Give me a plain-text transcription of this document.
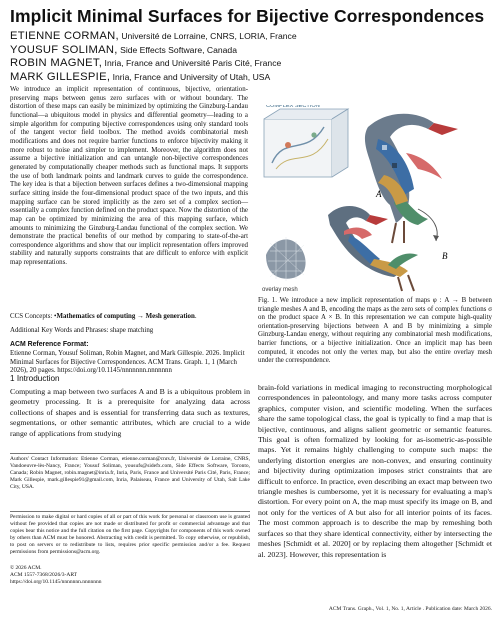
Implicit Minimal Surfaces for Bijective Correspondences
ETIENNE CORMAN, Université de Lorraine, CNRS, LORIA, France
YOUSUF SOLIMAN, Side Effects Software, Canada
ROBIN MAGNET, Inria, France and Université Paris Cité, France
MARK GILLESPIE, Inria, France and University of Utah, USA
We introduce an implicit representation of continuous, bijective, orientation-preserving maps between genus zero surfaces with or without boundary. The distortion of these maps can easily be minimized by optimizing the Ginzburg-Landau functional—a ubiquitous model in physics and differential geometry—leading to a simple algorithm for computing bijective correspondences using only standard tools of the tangent vector field toolbox. The method avoids combinatorial mesh modifications and does not require barrier functions to enforce bijectivity making it more robust to noise and simpler to implement. Moreover, the algorithm does not assume a bijective initialization and can untangle non-bijective correspondences generated by computationally cheaper methods such as functional maps. It supports the use of both landmark points and landmark curves to guide the correspondence. The key idea is that a bijection between surfaces defines a two-dimensional mapping surface sitting inside the four-dimensional product space of the two inputs, and this mapping surface can be stored implicitly as the zero set of a complex section—essentially a complex function defined on the product space. Now the distortion of the map can be optimized by minimizing the area of this mapping surface, which amounts to minimizing the Ginzburg-Landau functional of the complex section. We demonstrate the practical benefits of our method by comparing to state-of-the-art correspondence algorithms and show that our implicit representation offers improved stability and naturally supports constraints that are difficult to enforce with explicit map representations.
CCS Concepts: •Mathematics of computing → Mesh generation.
Additional Key Words and Phrases: shape matching
ACM Reference Format:
Etienne Corman, Yousuf Soliman, Robin Magnet, and Mark Gillespie. 2026. Implicit Minimal Surfaces for Bijective Correspondences. ACM Trans. Graph. 1, 1 (March 2026), 20 pages. https://doi.org/10.1145/nnnnnnn.nnnnnnn
1 Introduction
Computing a map between two surfaces A and B is a ubiquitous problem in geometry processing. It is a prerequisite for analyzing data across collections of shapes and is essential for transferring data such as textures, segmentations, or other semantic attributes, which are crucial to a wide range of applications from studying
Authors' Contact Information: Etienne Corman, etienne.corman@cnrs.fr, Université de Lorraine, CNRS, Vandoeuvre-lès-Nancy, France; Yousuf Soliman, yousufs@sidefx.com, Side Effects Software, Toronto, Canada; Robin Magnet, robin.magnet@inria.fr, Inria, Paris, France and Université Paris Cité, Paris, France; Mark Gillespie, mark.gillespie91@gmail.com, Inria, Palaiseau, France and University of Utah, Salt Lake City, USA.
Permission to make digital or hard copies of all or part of this work for personal or classroom use is granted without fee provided that copies are not made or distributed for profit or commercial advantage and that copies bear this notice and the full citation on the first page. Copyrights for components of this work owned by others than ACM must be honored. Abstracting with credit is permitted. To copy otherwise, or republish, to post on servers or to redistribute to lists, requires prior specific permission and/or a fee. Request permissions from permissions@acm.org.
© 2026 ACM.
ACM 1557-7368/2026/3-ART
https://doi.org/10.1145/nnnnnnn.nnnnnnn
COMPLEX SECTION
A
B
overlay mesh
Fig. 1. We introduce a new implicit representation of maps φ : A → B between triangle meshes A and B, encoding the maps as the zero sets of complex functions σ on the product space A × B. In this representation we can compute high-quality orientation-preserving bijections between A and B by minimizing a simple Ginzburg-Landau energy, without requiring any combinatorial mesh modifications, barrier functions, or a bijective initialization. Once an implicit map has been computed, it encodes not only the vertex map, but also the entire overlay mesh under the correspondence.
brain-fold variations in medical imaging to reconstructing morphological correspondences in paleontology, and many more tasks across computer graphics, computer vision, and scientific modeling. When the surfaces share the same topological class, the goal is typically to find a map that is bijective, continuous, and aligns salient geometric or semantic features. This goal is often formalized by looking for as-isometric-as-possible maps. Yet it remains highly challenging to compute such maps: the underlying distortion energies are non-convex, and ensuring continuity and bijectivity during optimization imposes strict constraints that are difficult to enforce. In practice, even describing an exact map between two triangle meshes is cumbersome, yet it is necessary for evaluating a map's distortion. For every point on A, the map must specify its image on B, and not only for the vertices of A but also for all interior points of its faces. The most common approach is to describe the map by remeshing both surfaces so that they share identical connectivity, either by intersecting the meshes [Schmidt et al. 2020] or by replacing them altogether [Schmidt et al. 2023]. However, this representation is
ACM Trans. Graph., Vol. 1, No. 1, Article . Publication date: March 2026.
